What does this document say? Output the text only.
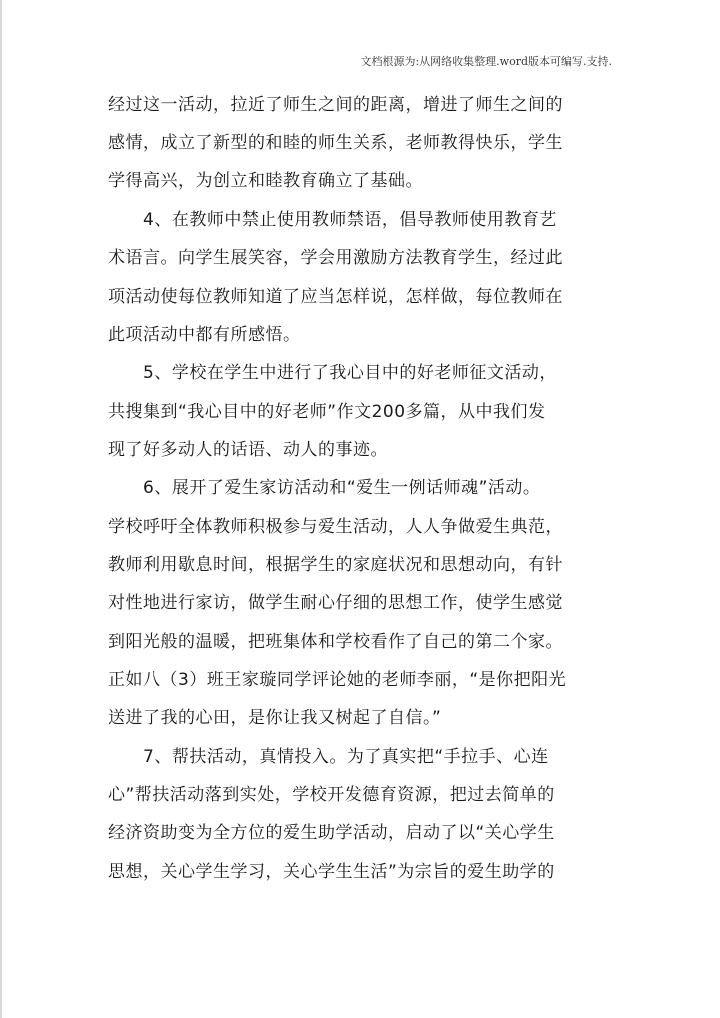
文档根源为:从网络收集整理.word版本可编写.支持.
经过这一活动，拉近了师生之间的距离，增进了师生之间的
感情，成立了新型的和睦的师生关系，老师教得快乐，学生
学得高兴，为创立和睦教育确立了基础。
　　4、在教师中禁止使用教师禁语，倡导教师使用教育艺
术语言。向学生展笑容，学会用激励方法教育学生，经过此
项活动使每位教师知道了应当怎样说，怎样做，每位教师在
此项活动中都有所感悟。
　　5、学校在学生中进行了我心目中的好老师征文活动，
共搜集到“我心目中的好老师”作文200多篇，从中我们发
现了好多动人的话语、动人的事迹。
　　6、展开了爱生家访活动和“爱生一例话师魂”活动。
学校呼吁全体教师积极参与爱生活动，人人争做爱生典范，
教师利用歇息时间，根据学生的家庭状况和思想动向，有针
对性地进行家访，做学生耐心仔细的思想工作，使学生感觉
到阳光般的温暖，把班集体和学校看作了自己的第二个家。
正如八（3）班王家璇同学评论她的老师李丽，“是你把阳光
送进了我的心田，是你让我又树起了自信。”
　　7、帮扶活动，真情投入。为了真实把“手拉手、心连
心”帮扶活动落到实处，学校开发德育资源，把过去简单的
经济资助变为全方位的爱生助学活动，启动了以“关心学生
思想，关心学生学习，关心学生生活”为宗旨的爱生助学的
